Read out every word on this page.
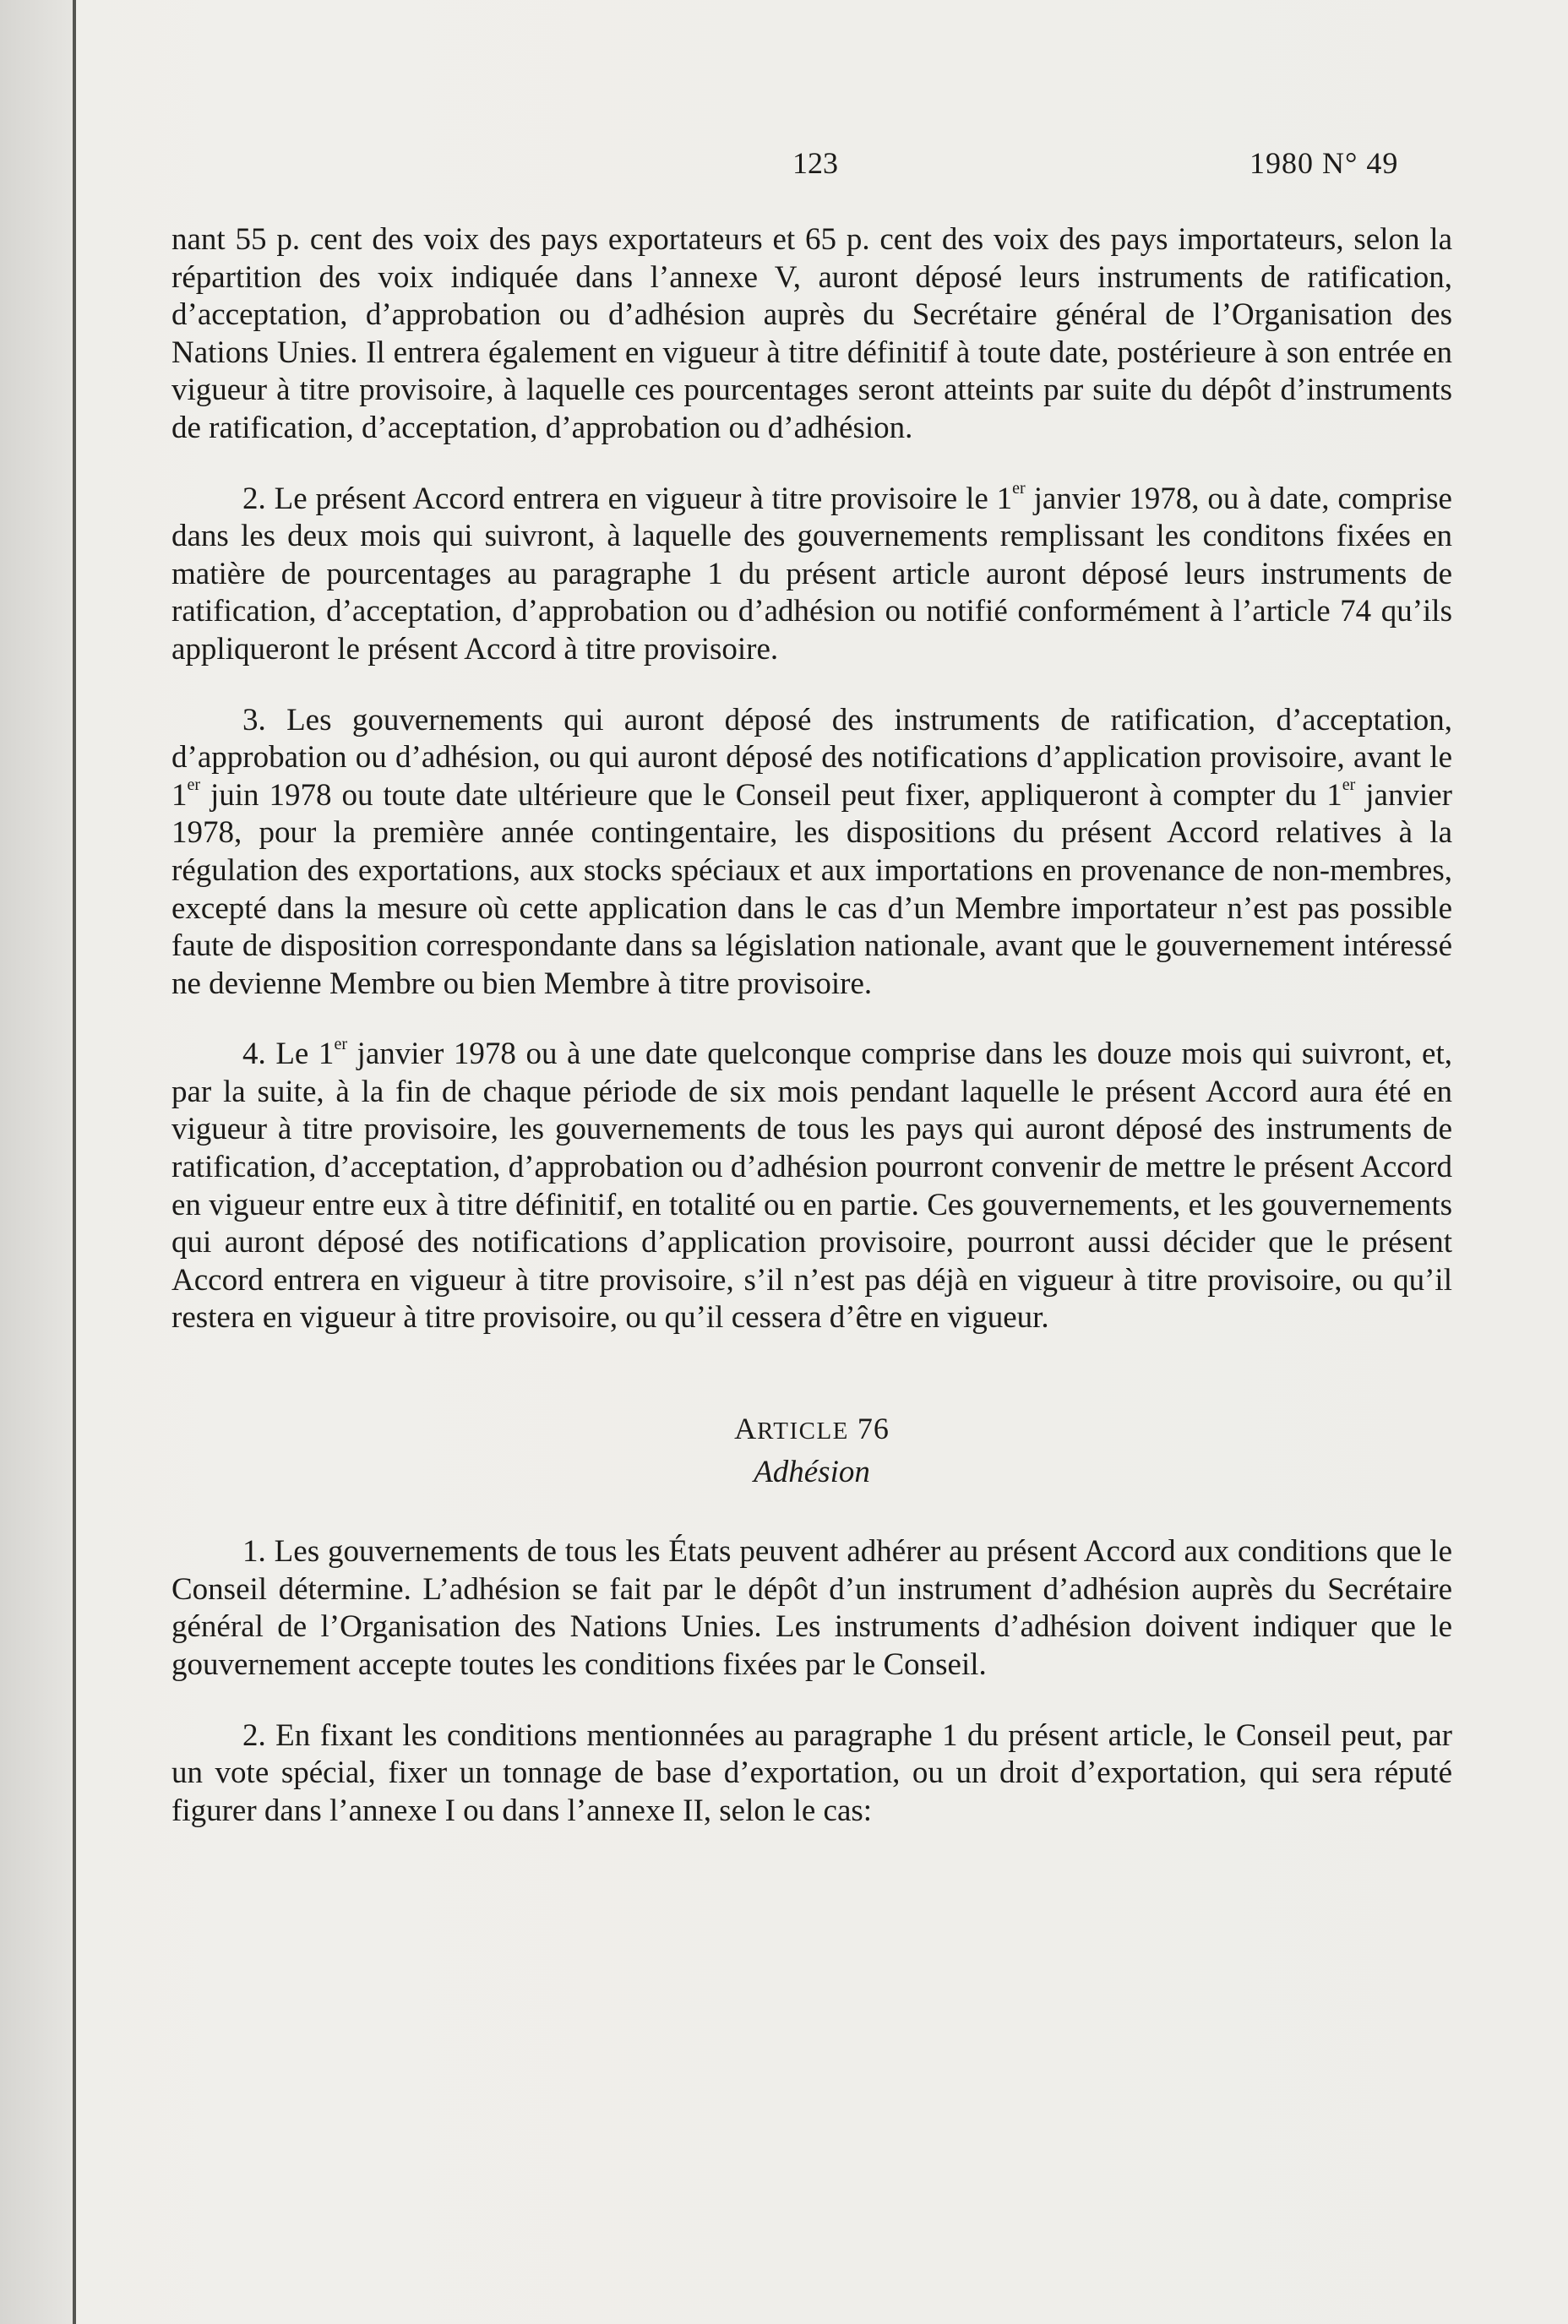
123	1980 N° 49

nant 55 p. cent des voix des pays exportateurs et 65 p. cent des voix des pays importateurs, selon la répartition des voix indiquée dans l’annexe V, auront déposé leurs instruments de ratification, d’acceptation, d’approbation ou d’adhésion auprès du Secrétaire général de l’Organisation des Nations Unies. Il entrera également en vigueur à titre définitif à toute date, postérieure à son entrée en vigueur à titre provisoire, à laquelle ces pourcentages seront atteints par suite du dépôt d’instruments de ratification, d’acceptation, d’approbation ou d’adhésion.

2. Le présent Accord entrera en vigueur à titre provisoire le 1er janvier 1978, ou à date, comprise dans les deux mois qui suivront, à laquelle des gouvernements remplissant les conditons fixées en matière de pourcentages au paragraphe 1 du présent article auront déposé leurs instruments de ratification, d’acceptation, d’approbation ou d’adhésion ou notifié conformément à l’article 74 qu’ils appliqueront le présent Accord à titre provisoire.

3. Les gouvernements qui auront déposé des instruments de ratification, d’acceptation, d’approbation ou d’adhésion, ou qui auront déposé des notifications d’application provisoire, avant le 1er juin 1978 ou toute date ultérieure que le Conseil peut fixer, appliqueront à compter du 1er janvier 1978, pour la première année contingentaire, les dispositions du présent Accord relatives à la régulation des exportations, aux stocks spéciaux et aux importations en provenance de non-membres, excepté dans la mesure où cette application dans le cas d’un Membre importateur n’est pas possible faute de disposition correspondante dans sa législation nationale, avant que le gouvernement intéressé ne devienne Membre ou bien Membre à titre provisoire.

4. Le 1er janvier 1978 ou à une date quelconque comprise dans les douze mois qui suivront, et, par la suite, à la fin de chaque période de six mois pendant laquelle le présent Accord aura été en vigueur à titre provisoire, les gouvernements de tous les pays qui auront déposé des instruments de ratification, d’acceptation, d’approbation ou d’adhésion pourront convenir de mettre le présent Accord en vigueur entre eux à titre définitif, en totalité ou en partie. Ces gouvernements, et les gouvernements qui auront déposé des notifications d’application provisoire, pourront aussi décider que le présent Accord entrera en vigueur à titre provisoire, s’il n’est pas déjà en vigueur à titre provisoire, ou qu’il restera en vigueur à titre provisoire, ou qu’il cessera d’être en vigueur.

ARTICLE 76
Adhésion

1. Les gouvernements de tous les États peuvent adhérer au présent Accord aux conditions que le Conseil détermine. L’adhésion se fait par le dépôt d’un instrument d’adhésion auprès du Secrétaire général de l’Organisation des Nations Unies. Les instruments d’adhésion doivent indiquer que le gouvernement accepte toutes les conditions fixées par le Conseil.

2. En fixant les conditions mentionnées au paragraphe 1 du présent article, le Conseil peut, par un vote spécial, fixer un tonnage de base d’exportation, ou un droit d’exportation, qui sera réputé figurer dans l’annexe I ou dans l’annexe II, selon le cas:
